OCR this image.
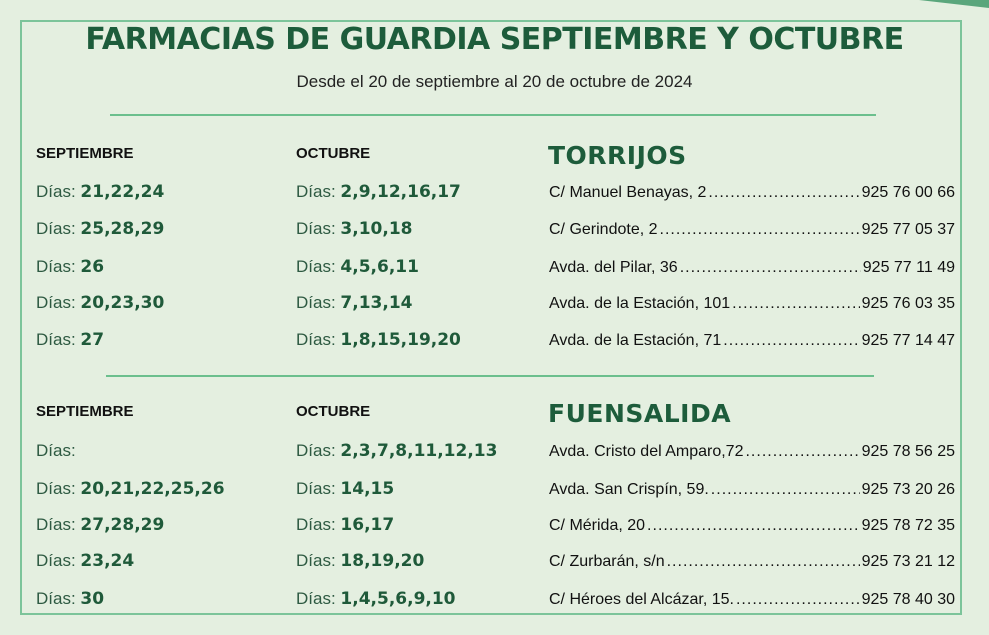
FARMACIAS DE GUARDIA SEPTIEMBRE Y OCTUBRE
Desde el 20 de septiembre al 20 de octubre de 2024
SEPTIEMBRE	OCTUBRE	TORRIJOS
Días: 21,22,24	Días: 2,9,12,16,17	C/ Manuel Benayas, 2 .....	925 76 00 66
Días: 25,28,29	Días: 3,10,18	C/ Gerindote, 2 .....	925 77 05 37
Días: 26	Días: 4,5,6,11	Avda. del Pilar, 36 .....	925 77 11 49
Días: 20,23,30	Días: 7,13,14	Avda. de la Estación, 101 .....	925 76 03 35
Días: 27	Días: 1,8,15,19,20	Avda. de la Estación, 71 .....	925 77 14 47
SEPTIEMBRE	OCTUBRE	FUENSALIDA
Días:	Días: 2,3,7,8,11,12,13	Avda. Cristo del Amparo,72 .....	925 78 56 25
Días: 20,21,22,25,26	Días: 14,15	Avda. San Crispín, 59. .....	925 73 20 26
Días: 27,28,29	Días: 16,17	C/ Mérida, 20 .....	925 78 72 35
Días: 23,24	Días: 18,19,20	C/ Zurbarán, s/n .....	925 73 21 12
Días: 30	Días: 1,4,5,6,9,10	C/ Héroes del Alcázar, 15. .....	925 78 40 30
